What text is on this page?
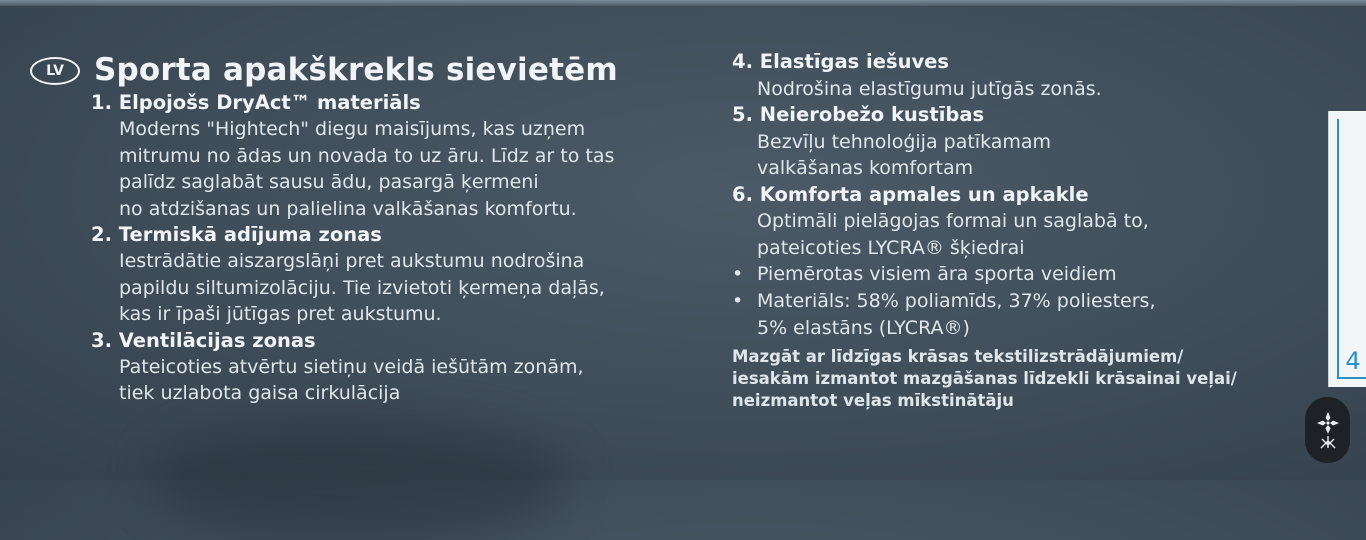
LV Sporta apakškrekls sievietēm
1. Elpojošs DryAct™ materiāls
Moderns "Hightech" diegu maisījums, kas uzņem
mitrumu no ādas un novada to uz āru. Līdz ar to tas
palīdz saglabāt sausu ādu, pasargā ķermeni
no atdzišanas un palielina valkāšanas komfortu.
2. Termiskā adījuma zonas
Iestrādātie aiszargslāņi pret aukstumu nodrošina
papildu siltumizolāciju. Tie izvietoti ķermeņa daļās,
kas ir īpaši jūtīgas pret aukstumu.
3. Ventilācijas zonas
Pateicoties atvērtu sietiņu veidā iešūtām zonām,
tiek uzlabota gaisa cirkulācija
4. Elastīgas iešuves
Nodrošina elastīgumu jutīgās zonās.
5. Neierobežo kustības
Bezvīļu tehnoloģija patīkamam
valkāšanas komfortam
6. Komforta apmales un apkakle
Optimāli pielāgojas formai un saglabā to,
pateicoties LYCRA® šķiedrai
• Piemērotas visiem āra sporta veidiem
• Materiāls: 58% poliamīds, 37% poliesters,
5% elastāns (LYCRA®)
Mazgāt ar līdzīgas krāsas tekstilizstrādājumiem/
iesakām izmantot mazgāšanas līdzekli krāsainai veļai/
neizmantot veļas mīkstinātāju
4
